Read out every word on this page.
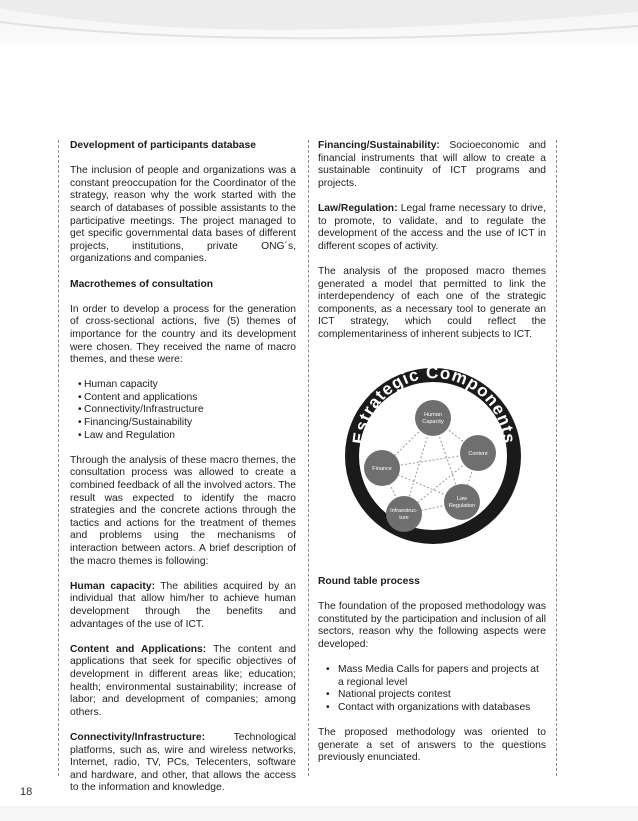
Development of participants database

The inclusion of people and organizations was a constant preoccupation for the Coordinator of the strategy, reason why the work started with the search of databases of possible assistants to the participative meetings. The project managed to get specific governmental data bases of different projects, institutions, private ONG´s, organizations and companies.

Macrothemes of consultation

In order to develop a process for the generation of cross-sectional actions, five (5) themes of importance for the country and its development were chosen. They received the name of macro themes, and these were:

• Human capacity
• Content and applications
• Connectivity/Infrastructure
• Financing/Sustainability
• Law and Regulation

Through the analysis of these macro themes, the consultation process was allowed to create a combined feedback of all the involved actors. The result was expected to identify the macro strategies and the concrete actions through the tactics and actions for the treatment of themes and problems using the mechanisms of interaction between actors. A brief description of the macro themes is following:

Human capacity: The abilities acquired by an individual that allow him/her to achieve human development through the benefits and advantages of the use of ICT.

Content and Applications: The content and applications that seek for specific objectives of development in different areas like; education; health; environmental sustainability; increase of labor; and development of companies; among others.

Connectivity/Infrastructure: Technological platforms, such as, wire and wireless networks, Internet, radio, TV, PCs, Telecenters, software and hardware, and other, that allows the access to the information and knowledge.

Financing/Sustainability: Socioeconomic and financial instruments that will allow to create a sustainable continuity of ICT programs and projects.

Law/Regulation: Legal frame necessary to drive, to promote, to validate, and to regulate the development of the access and the use of ICT in different scopes of activity.

The analysis of the proposed macro themes generated a model that permitted to link the interdependency of each one of the strategic components, as a necessary tool to generate an ICT strategy, which could reflect the complementariness of inherent subjects to ICT.

Round table process

The foundation of the proposed methodology was constituted by the participation and inclusion of all sectors, reason why the following aspects were developed:

• Mass Media Calls for papers and projects at a regional level
• National projects contest
• Contact with organizations with databases

The proposed methodology was oriented to generate a set of answers to the questions previously enunciated.

Estrategic Components
Human
Capacity
Content
Law
Regulation
Infraestruc-
ture
Finance
18
